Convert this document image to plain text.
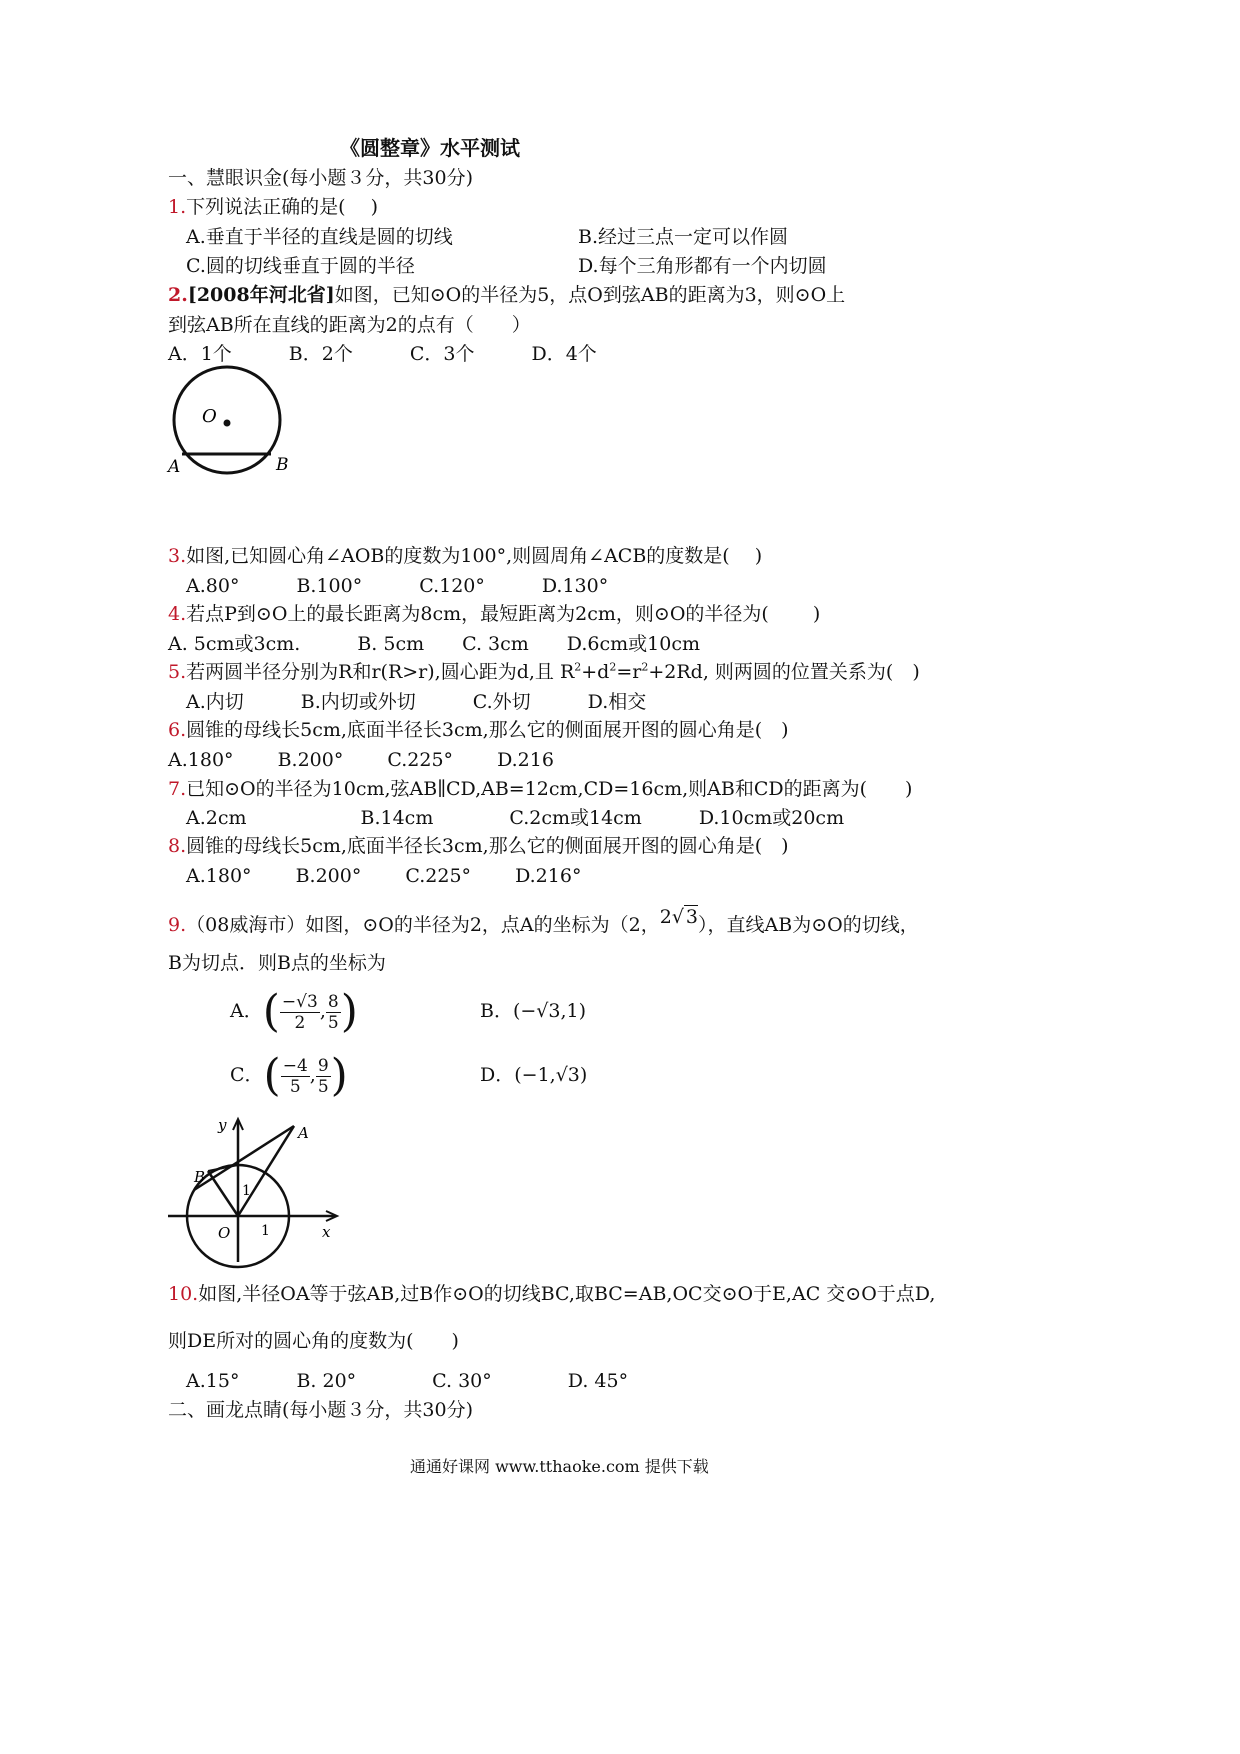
《圆整章》水平测试
一、慧眼识金(每小题３分，共30分)
1.下列说法正确的是(　 )
A.垂直于半径的直线是圆的切线	B.经过三点一定可以作圆
C.圆的切线垂直于圆的半径	D.每个三角形都有一个内切圆
2.[2008年河北省]如图，已知⊙O的半径为5，点O到弦AB的距离为3，则⊙O上
到弦AB所在直线的距离为2的点有（　　）
A．1个　　　B．2个　　　C．3个　　　D．4个
O
A	B
3.如图,已知圆心角∠AOB的度数为100°,则圆周角∠ACB的度数是(　 )
A.80°　　　B.100°　　　C.120°　　　D.130°
4.若点P到⊙O上的最长距离为8cm，最短距离为2cm，则⊙O的半径为(　　 )
A. 5cm或3cm.　　　B. 5cm　　C. 3cm　　D.6cm或10cm
5.若两圆半径分别为R和r(R>r),圆心距为d,且 $R^2+d^2=r^2+2Rd$, 则两圆的位置关系为(　)
A.内切　　　B.内切或外切　　　C.外切　　　D.相交
6.圆锥的母线长5cm,底面半径长3cm,那么它的侧面展开图的圆心角是(　)
A.180°　　 B.200°　　 C.225°　　 D.216
7.已知⊙O的半径为10cm,弦AB∥CD,AB=12cm,CD=16cm,则AB和CD的距离为(　　)
A.2cm　　　　　　B.14cm　　　　C.2cm或14cm　　　D.10cm或20cm
8.圆锥的母线长5cm,底面半径长3cm,那么它的侧面展开图的圆心角是(　)
A.180°　　 B.200°　　 C.225°　　 D.216°
9.（08威海市）如图，⊙O的半径为2，点A的坐标为（2，2√ 3），直线AB为⊙O的切线，
B为切点．则B点的坐标为
A．( $\frac{-√3}{2}$ , $\frac{8}{5}$ )	B．(−√3,1)
C．( $\frac{-4}{5}$ , $\frac{9}{5}$ )	D．(−1,√3)
y
x
A
B
O
1
1
10.如图,半径OA等于弦AB,过B作⊙O的切线BC,取BC=AB,OC交⊙O于E,AC 交⊙O于点D,
则DE所对的圆心角的度数为(　　)
A.15°　　　B. 20°　　　　C. 30°　　　　D. 45°
二、画龙点睛(每小题３分，共30分)
通通好课网 www.tthaoke.com 提供下载
